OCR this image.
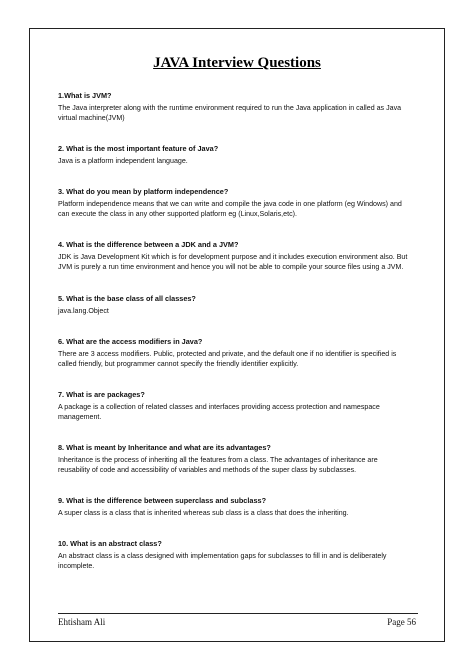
JAVA Interview Questions

1.What is JVM?

The Java interpreter along with the runtime environment required to run the Java application in called as Java
virtual machine(JVM)

2. What is the most important feature of Java?

Java is a platform independent language.

3. What do you mean by platform independence?

Platform independence means that we can write and compile the java code in one platform (eg Windows) and
can execute the class in any other supported platform eg (Linux,Solaris,etc).

4. What is the difference between a JDK and a JVM?

JDK is Java Development Kit which is for development purpose and it includes execution environment also. But
JVM is purely a run time environment and hence you will not be able to compile your source files using a JVM.

5. What is the base class of all classes?

java.lang.Object

6. What are the access modifiers in Java?

There are 3 access modifiers. Public, protected and private, and the default one if no identifier is specified is
called friendly, but programmer cannot specify the friendly identifier explicitly.

7. What is are packages?

A package is a collection of related classes and interfaces providing access protection and namespace
management.

8. What is meant by Inheritance and what are its advantages?

Inheritance is the process of inheriting all the features from a class. The advantages of inheritance are
reusability of code and accessibility of variables and methods of the super class by subclasses.

9. What is the difference between superclass and subclass?

A super class is a class that is inherited whereas sub class is a class that does the inheriting.

10. What is an abstract class?

An abstract class is a class designed with implementation gaps for subclasses to fill in and is deliberately
incomplete.

Ehtisham Ali	Page 56
